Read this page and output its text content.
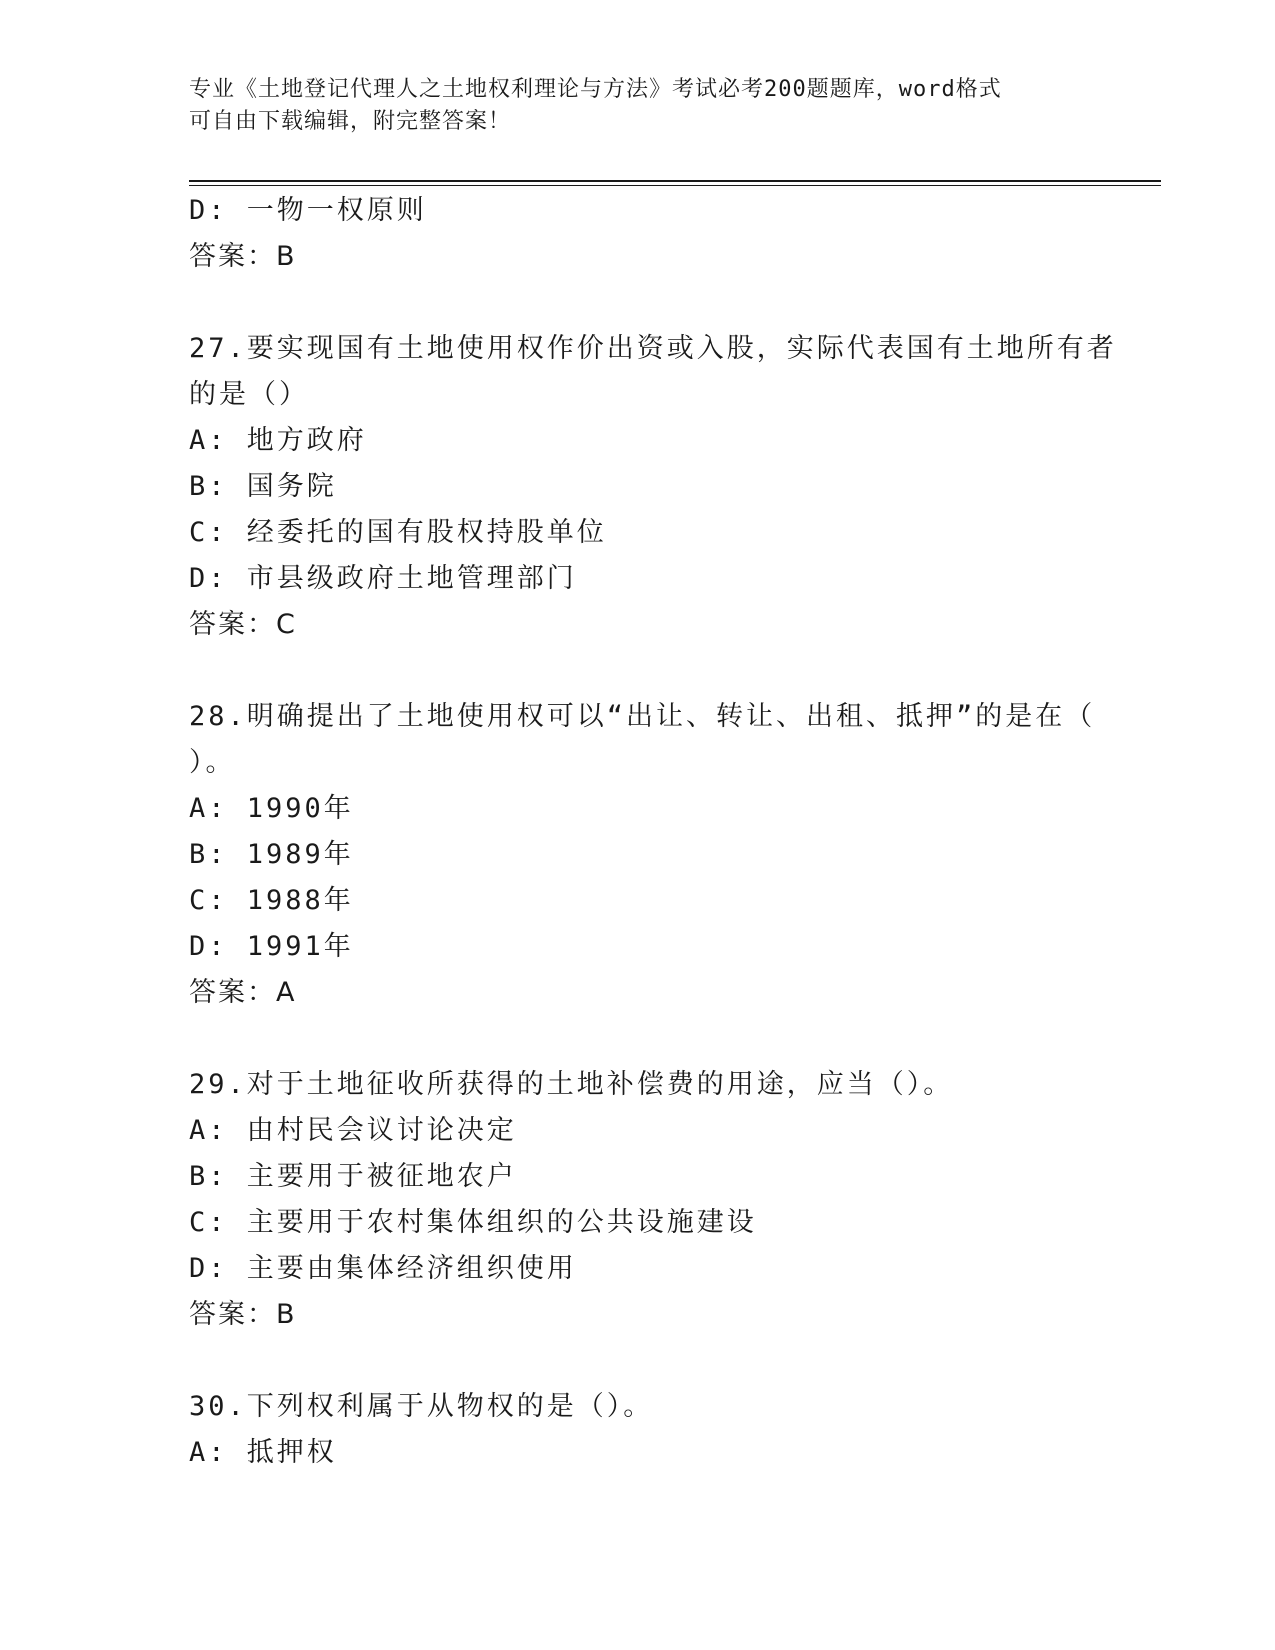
专业《土地登记代理人之土地权利理论与方法》考试必考200题题库，word格式
可自由下载编辑，附完整答案！
D: 一物一权原则
答案：B
27.要实现国有土地使用权作价出资或入股，实际代表国有土地所有者
的是（）
A: 地方政府
B: 国务院
C: 经委托的国有股权持股单位
D: 市县级政府土地管理部门
答案：C
28.明确提出了土地使用权可以“出让、转让、出租、抵押”的是在（
）。
A: 1990年
B: 1989年
C: 1988年
D: 1991年
答案：A
29.对于土地征收所获得的土地补偿费的用途，应当（）。
A: 由村民会议讨论决定
B: 主要用于被征地农户
C: 主要用于农村集体组织的公共设施建设
D: 主要由集体经济组织使用
答案：B
30.下列权利属于从物权的是（）。
A: 抵押权
